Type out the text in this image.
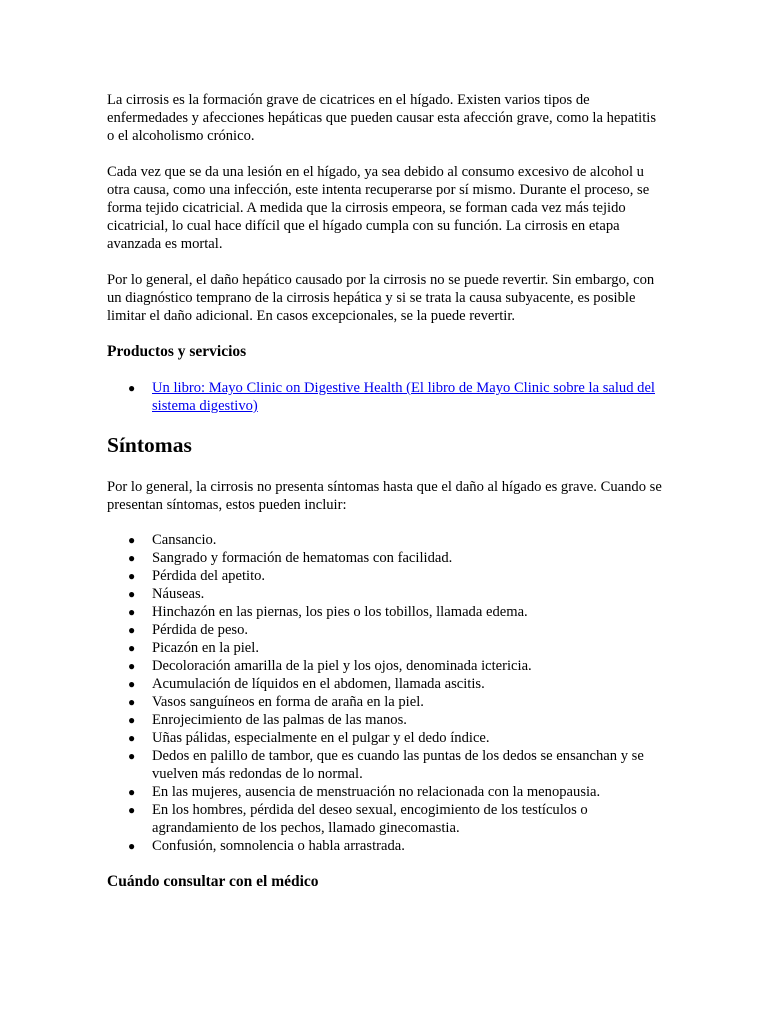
La cirrosis es la formación grave de cicatrices en el hígado. Existen varios tipos de enfermedades y afecciones hepáticas que pueden causar esta afección grave, como la hepatitis o el alcoholismo crónico.

Cada vez que se da una lesión en el hígado, ya sea debido al consumo excesivo de alcohol u otra causa, como una infección, este intenta recuperarse por sí mismo. Durante el proceso, se forma tejido cicatricial. A medida que la cirrosis empeora, se forman cada vez más tejido cicatricial, lo cual hace difícil que el hígado cumpla con su función. La cirrosis en etapa avanzada es mortal.

Por lo general, el daño hepático causado por la cirrosis no se puede revertir. Sin embargo, con un diagnóstico temprano de la cirrosis hepática y si se trata la causa subyacente, es posible limitar el daño adicional. En casos excepcionales, se la puede revertir.

Productos y servicios
● Un libro: Mayo Clinic on Digestive Health (El libro de Mayo Clinic sobre la salud del sistema digestivo)
Síntomas

Por lo general, la cirrosis no presenta síntomas hasta que el daño al hígado es grave. Cuando se presentan síntomas, estos pueden incluir:

● Cansancio.
● Sangrado y formación de hematomas con facilidad.
● Pérdida del apetito.
● Náuseas.
● Hinchazón en las piernas, los pies o los tobillos, llamada edema.
● Pérdida de peso.
● Picazón en la piel.
● Decoloración amarilla de la piel y los ojos, denominada ictericia.
● Acumulación de líquidos en el abdomen, llamada ascitis.
● Vasos sanguíneos en forma de araña en la piel.
● Enrojecimiento de las palmas de las manos.
● Uñas pálidas, especialmente en el pulgar y el dedo índice.
● Dedos en palillo de tambor, que es cuando las puntas de los dedos se ensanchan y se vuelven más redondas de lo normal.
● En las mujeres, ausencia de menstruación no relacionada con la menopausia.
● En los hombres, pérdida del deseo sexual, encogimiento de los testículos o agrandamiento de los pechos, llamado ginecomastia.
● Confusión, somnolencia o habla arrastrada.
Cuándo consultar con el médico
